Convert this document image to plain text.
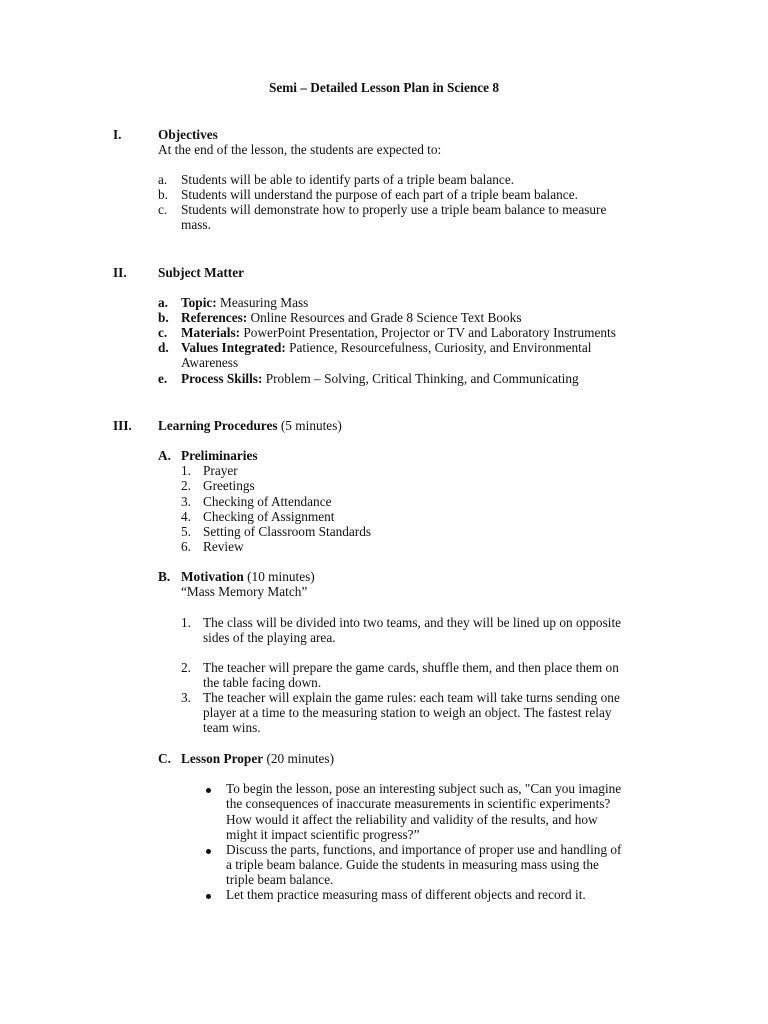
Semi – Detailed Lesson Plan in Science 8
I.	Objectives
At the end of the lesson, the students are expected to:
a. Students will be able to identify parts of a triple beam balance.
b. Students will understand the purpose of each part of a triple beam balance.
c. Students will demonstrate how to properly use a triple beam balance to measure
mass.
II. Subject Matter
a. Topic: Measuring Mass
b. References: Online Resources and Grade 8 Science Text Books
c. Materials: PowerPoint Presentation, Projector or TV and Laboratory Instruments
d. Values Integrated: Patience, Resourcefulness, Curiosity, and Environmental
Awareness
e. Process Skills: Problem – Solving, Critical Thinking, and Communicating
III. Learning Procedures (5 minutes)
A. Preliminaries
1. Prayer
2. Greetings
3. Checking of Attendance
4. Checking of Assignment
5. Setting of Classroom Standards
6. Review
B. Motivation (10 minutes)
“Mass Memory Match”
1. The class will be divided into two teams, and they will be lined up on opposite
sides of the playing area.
2. The teacher will prepare the game cards, shuffle them, and then place them on
the table facing down.
3. The teacher will explain the game rules: each team will take turns sending one
player at a time to the measuring station to weigh an object. The fastest relay
team wins.
C. Lesson Proper (20 minutes)
To begin the lesson, pose an interesting subject such as, "Can you imagine
the consequences of inaccurate measurements in scientific experiments?
How would it affect the reliability and validity of the results, and how
might it impact scientific progress?”
Discuss the parts, functions, and importance of proper use and handling of
a triple beam balance. Guide the students in measuring mass using the
triple beam balance.
Let them practice measuring mass of different objects and record it.
